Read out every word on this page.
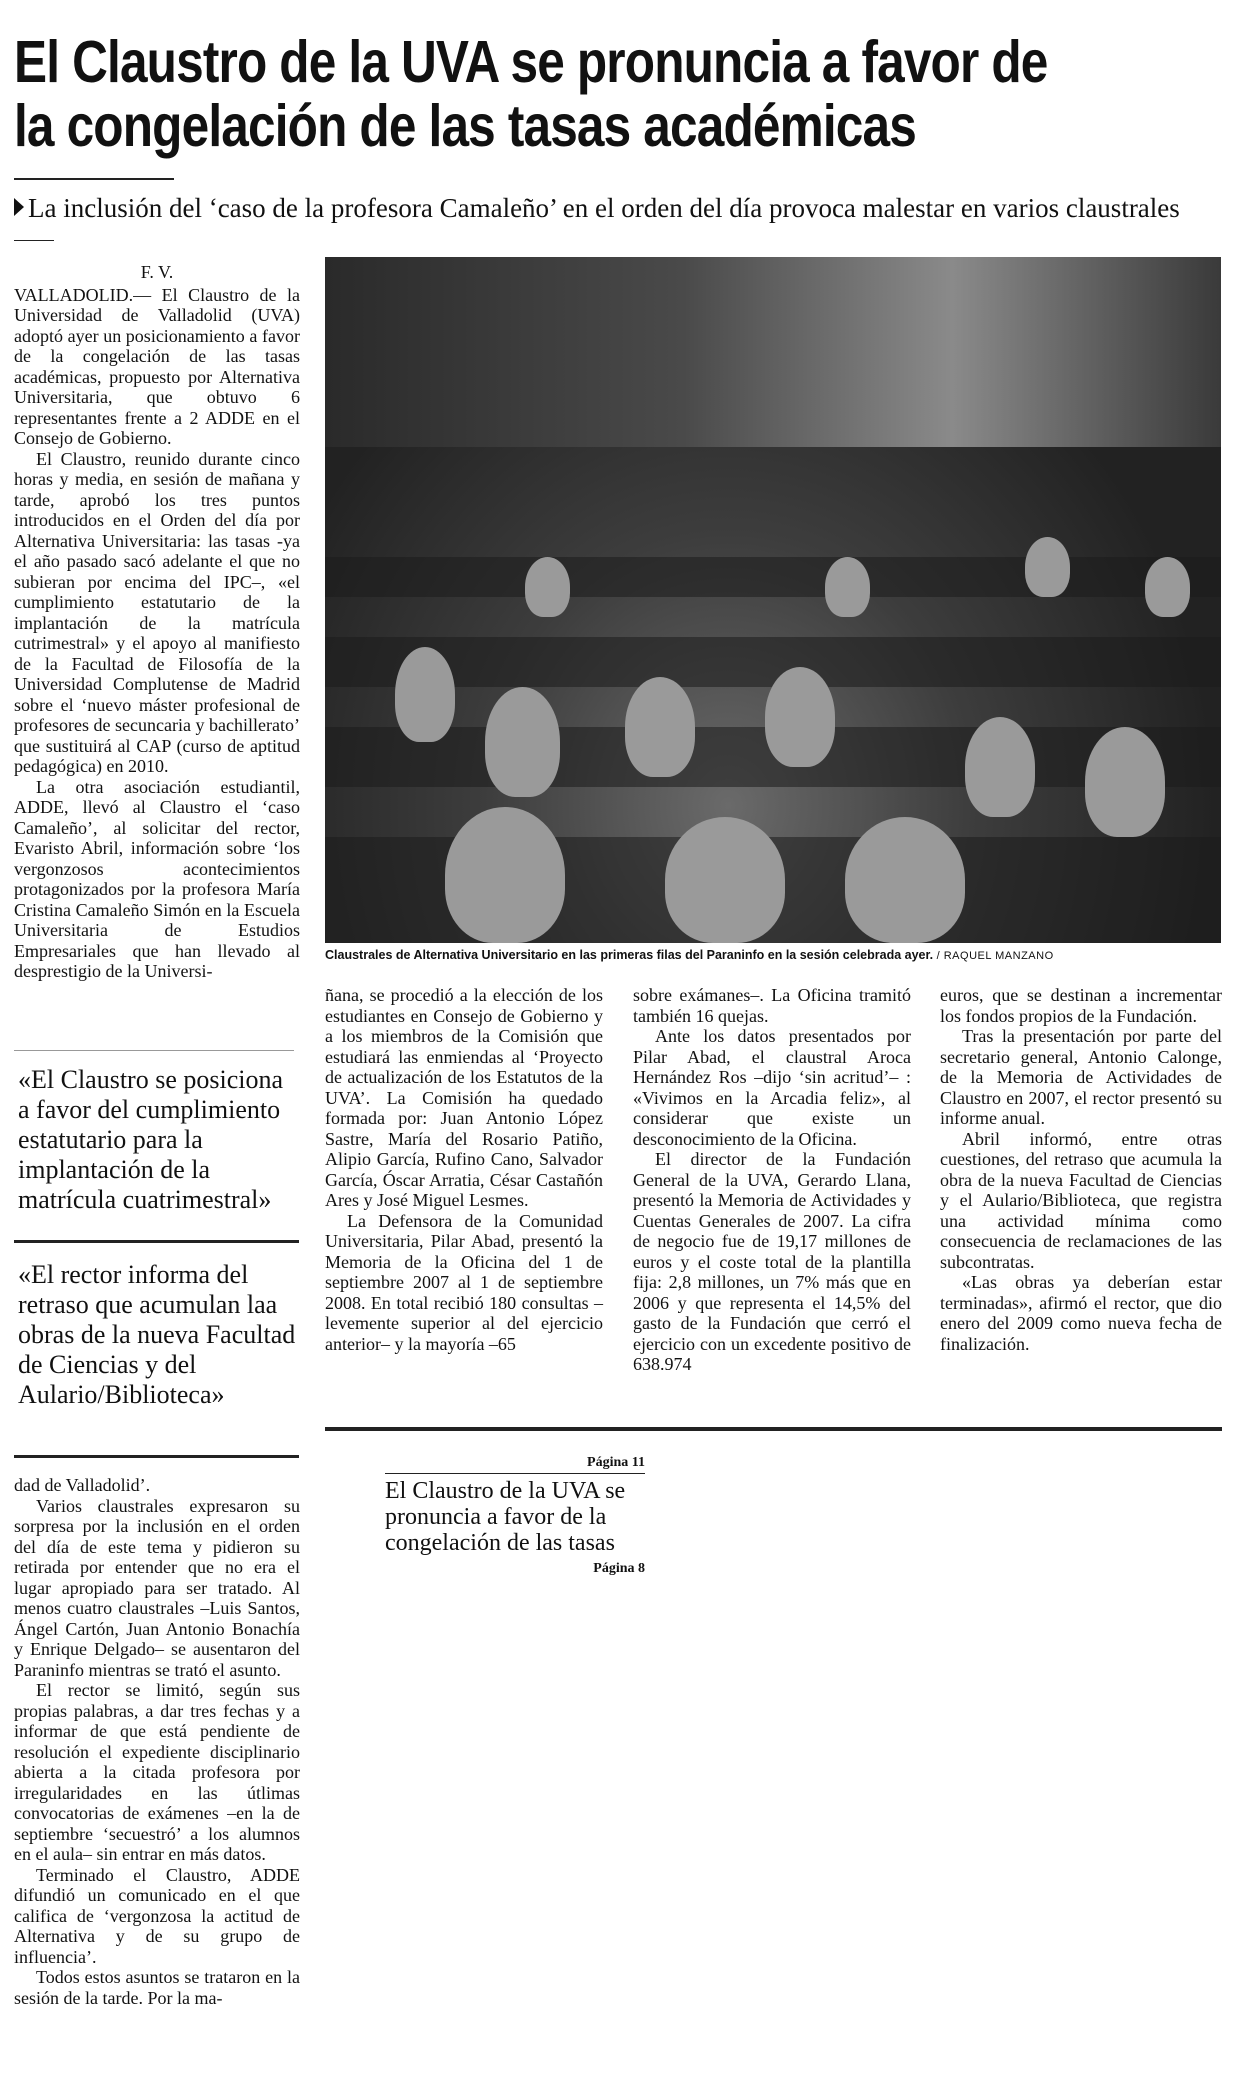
El Claustro de la UVA se pronuncia a favor de
la congelación de las tasas académicas
La inclusión del ‘caso de la profesora Camaleño’ en el orden del día provoca malestar en varios claustrales

F. V.

VALLADOLID.— El Claustro de la Universidad de Valladolid (UVA) adoptó ayer un posicionamiento a favor de la congelación de las tasas académicas, propuesto por Alternativa Universitaria, que obtuvo 6 representantes frente a 2 ADDE en el Consejo de Gobierno.

El Claustro, reunido durante cinco horas y media, en sesión de mañana y tarde, aprobó los tres puntos introducidos en el Orden del día por Alternativa Universitaria: las tasas -ya el año pasado sacó adelante el que no subieran por encima del IPC–, «el cumplimiento estatutario de la implantación de la matrícula cutrimestral» y el apoyo al manifiesto de la Facultad de Filosofía de la Universidad Complutense de Madrid sobre el ‘nuevo máster profesional de profesores de secuncaria y bachillerato’ que sustituirá al CAP (curso de aptitud pedagógica) en 2010.

La otra asociación estudiantil, ADDE, llevó al Claustro el ‘caso Camaleño’, al solicitar del rector, Evaristo Abril, información sobre ‘los vergonzosos acontecimientos protagonizados por la profesora María Cristina Camaleño Simón en la Escuela Universitaria de Estudios Empresariales que han llevado al desprestigio de la Universi-

«El Claustro se posiciona a favor del cumplimiento estatutario para la implantación de la matrícula cuatrimestral»
«El rector informa del retraso que acumulan laa obras de la nueva Facultad de Ciencias y del Aulario/Biblioteca»

dad de Valladolid’.

Varios claustrales expresaron su sorpresa por la inclusión en el orden del día de este tema y pidieron su retirada por entender que no era el lugar apropiado para ser tratado. Al menos cuatro claustrales –Luis Santos, Ángel Cartón, Juan Antonio Bonachía y Enrique Delgado– se ausentaron del Paraninfo mientras se trató el asunto.

El rector se limitó, según sus propias palabras, a dar tres fechas y a informar de que está pendiente de resolución el expediente disciplinario abierta a la citada profesora por irregularidades en las útlimas convocatorias de exámenes –en la de septiembre ‘secuestró’ a los alumnos en el aula– sin entrar en más datos.

Terminado el Claustro, ADDE difundió un comunicado en el que califica de ‘vergonzosa la actitud de Alternativa y de su grupo de influencia’.

Todos estos asuntos se trataron en la sesión de la tarde. Por la ma-

Claustrales de Alternativa Universitario en las primeras filas del Paraninfo en la sesión celebrada ayer. / RAQUEL MANZANO

ñana, se procedió a la elección de los estudiantes en Consejo de Gobierno y a los miembros de la Comisión que estudiará las enmiendas al ‘Proyecto de actualización de los Estatutos de la UVA’. La Comisión ha quedado formada por: Juan Antonio López Sastre, María del Rosario Patiño, Alipio García, Rufino Cano, Salvador García, Óscar Arratia, César Castañón Ares y José Miguel Lesmes.

La Defensora de la Comunidad Universitaria, Pilar Abad, presentó la Memoria de la Oficina del 1 de septiembre 2007 al 1 de septiembre 2008. En total recibió 180 consultas –levemente superior al del ejercicio anterior– y la mayoría –65

sobre exámanes–. La Oficina tramitó también 16 quejas.

Ante los datos presentados por Pilar Abad, el claustral Aroca Hernández Ros –dijo ‘sin acritud’– : «Vivimos en la Arcadia feliz», al considerar que existe un desconocimiento de la Oficina.

El director de la Fundación General de la UVA, Gerardo Llana, presentó la Memoria de Actividades y Cuentas Generales de 2007. La cifra de negocio fue de 19,17 millones de euros y el coste total de la plantilla fija: 2,8 millones, un 7% más que en 2006 y que representa el 14,5% del gasto de la Fundación que cerró el ejercicio con un excedente positivo de 638.974

euros, que se destinan a incrementar los fondos propios de la Fundación.

Tras la presentación por parte del secretario general, Antonio Calonge, de la Memoria de Actividades de Claustro en 2007, el rector presentó su informe anual.

Abril informó, entre otras cuestiones, del retraso que acumula la obra de la nueva Facultad de Ciencias y el Aulario/Biblioteca, que registra una actividad mínima como consecuencia de reclamaciones de las subcontratas.

«Las obras ya deberían estar terminadas», afirmó el rector, que dio enero del 2009 como nueva fecha de finalización.

Página 11
El Claustro de la UVA se pronuncia a favor de la congelación de las tasas
Página 8
